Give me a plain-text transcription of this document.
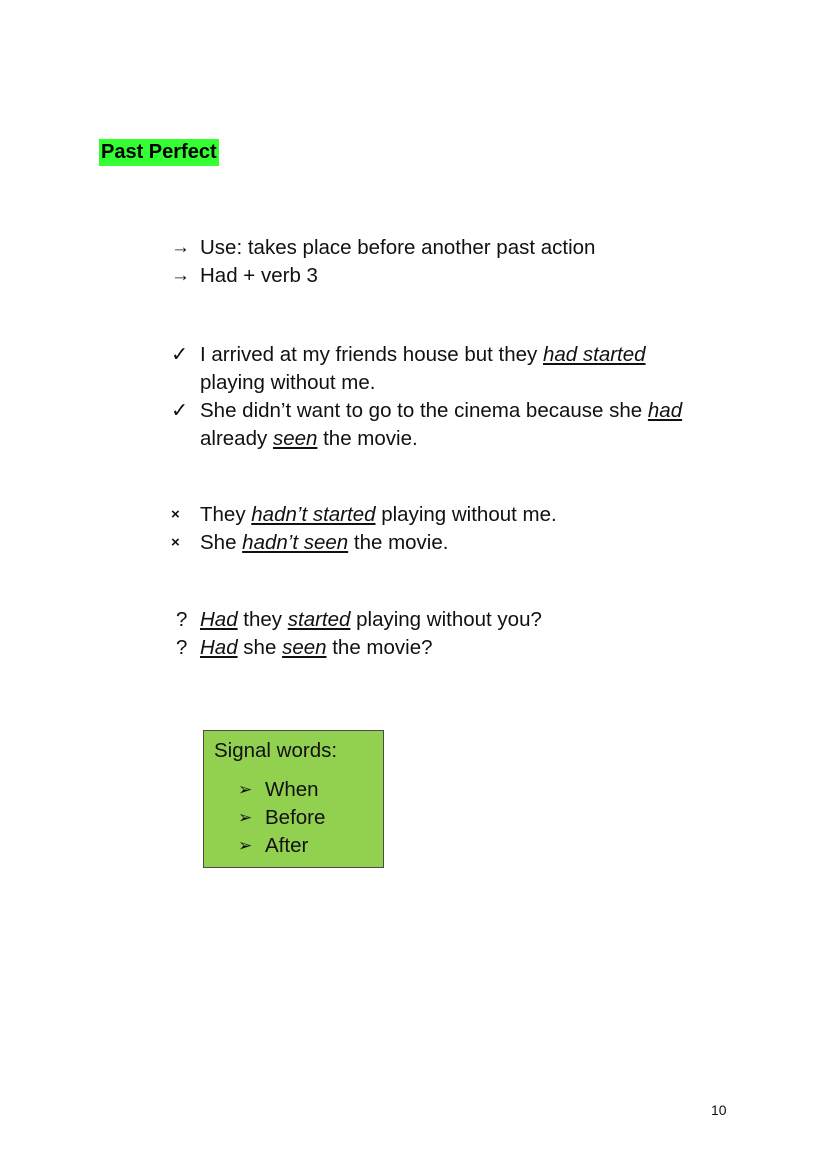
Past Perfect
→ Use: takes place before another past action
→ Had + verb 3
✓ I arrived at my friends house but they had started
playing without me.
✓ She didn’t want to go to the cinema because she had
already seen the movie.
× They hadn’t started playing without me.
× She hadn’t seen the movie.
? Had they started playing without you?
? Had she seen the movie?
Signal words:
➢ When
➢ Before
➢ After
10
